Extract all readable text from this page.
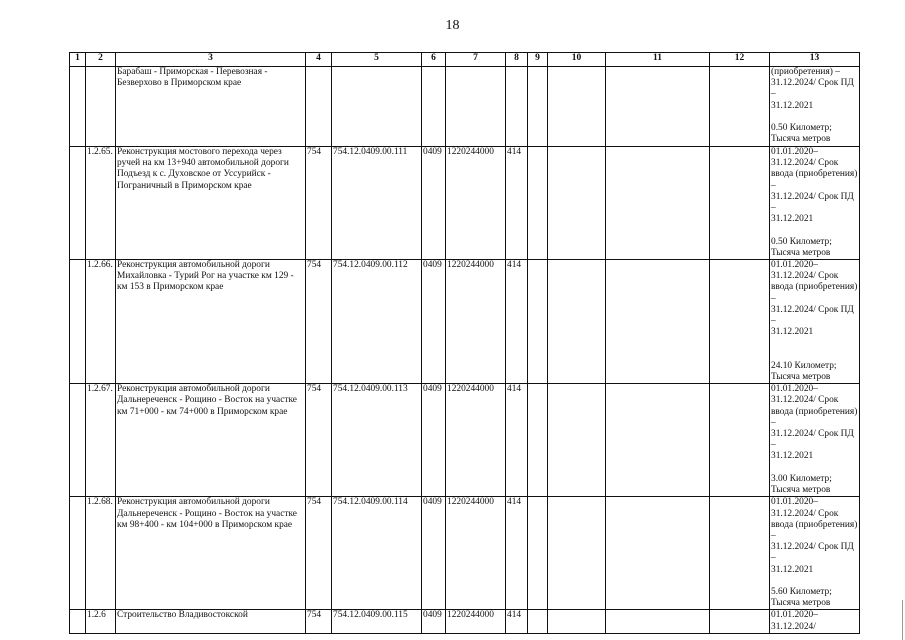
18
1	2	3	4	5	6	7	8	9	10	11	12	13
		Барабаш - Приморская - Перевозная - Безверхово в Приморском крае										(приобретения) –
31.12.2024/ Срок ПД –
31.12.2021

0.50 Километр; Тысяча метров
	1.2.65.	Реконструкция мостового перехода через ручей на км 13+940 автомобильной дороги Подъезд к с. Духовское от Уссурийск - Пограничный в Приморском крае	754	754.12.0409.00.111	0409	1220244000	414					01.01.2020–31.12.2024/ Срок ввода (приобретения) –
31.12.2024/ Срок ПД –
31.12.2021

0.50 Километр; Тысяча метров
	1.2.66.	Реконструкция автомобильной дороги Михайловка - Турий Рог на участке км 129 - км 153 в Приморском крае	754	754.12.0409.00.112	0409	1220244000	414					01.01.2020–31.12.2024/ Срок ввода (приобретения) –
31.12.2024/ Срок ПД –
31.12.2021

24.10 Километр; Тысяча метров
	1.2.67.	Реконструкция автомобильной дороги Дальнереченск - Рощино - Восток на участке км 71+000 - км 74+000 в Приморском крае	754	754.12.0409.00.113	0409	1220244000	414					01.01.2020–31.12.2024/ Срок ввода (приобретения) –
31.12.2024/ Срок ПД –
31.12.2021

3.00 Километр; Тысяча метров
	1.2.68.	Реконструкция автомобильной дороги Дальнереченск - Рощино - Восток на участке км 98+400 - км 104+000 в Приморском крае	754	754.12.0409.00.114	0409	1220244000	414					01.01.2020–31.12.2024/ Срок ввода (приобретения) –
31.12.2024/ Срок ПД –
31.12.2021

5.60 Километр; Тысяча метров
	1.2.6	Строительство Владивостокской	754	754.12.0409.00.115	0409	1220244000	414					01.01.2020–31.12.2024/
